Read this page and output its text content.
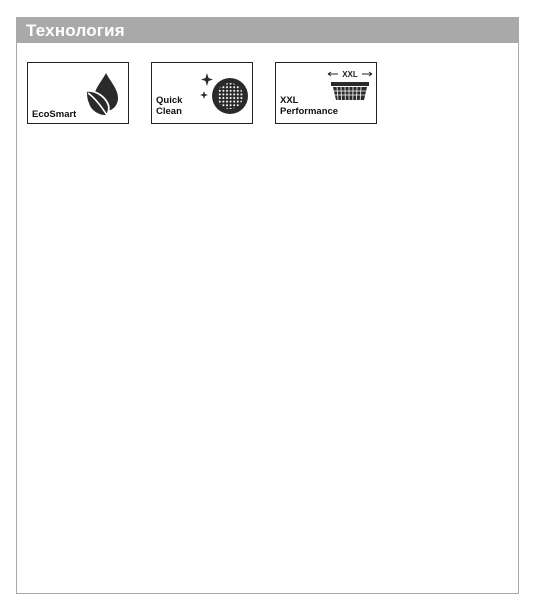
Технология
EcoSmart
Quick
Clean
XXL
Performance
XXL
